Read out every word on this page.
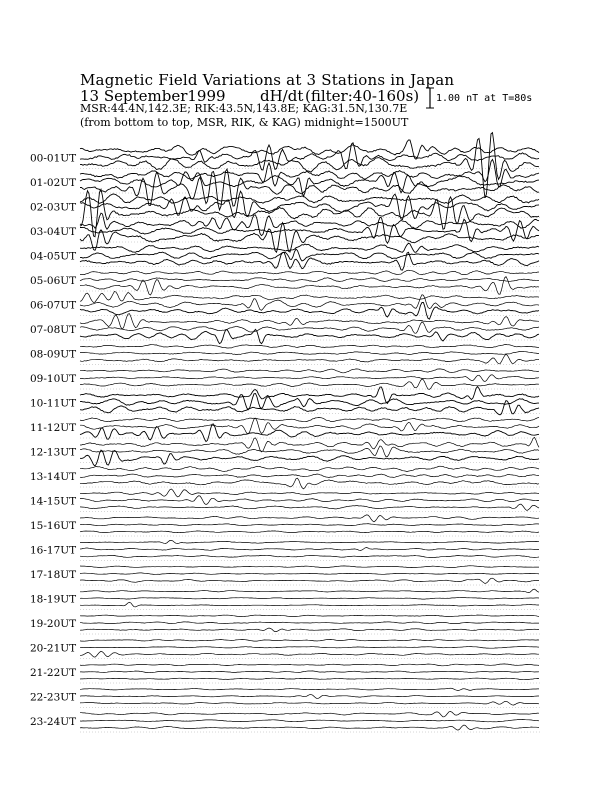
Magnetic Field Variations at 3 Stations in Japan
13 September1999 dH/dt (filter:40-160s)
MSR:44.4N,142.3E; RIK:43.5N,143.8E; KAG:31.5N,130.7E
(from bottom to top, MSR, RIK, & KAG) midnight=1500UT
1.00 nT at T=80s
00-01UT
01-02UT
02-03UT
03-04UT
04-05UT
05-06UT
06-07UT
07-08UT
08-09UT
09-10UT
10-11UT
11-12UT
12-13UT
13-14UT
14-15UT
15-16UT
16-17UT
17-18UT
18-19UT
19-20UT
20-21UT
21-22UT
22-23UT
23-24UT
